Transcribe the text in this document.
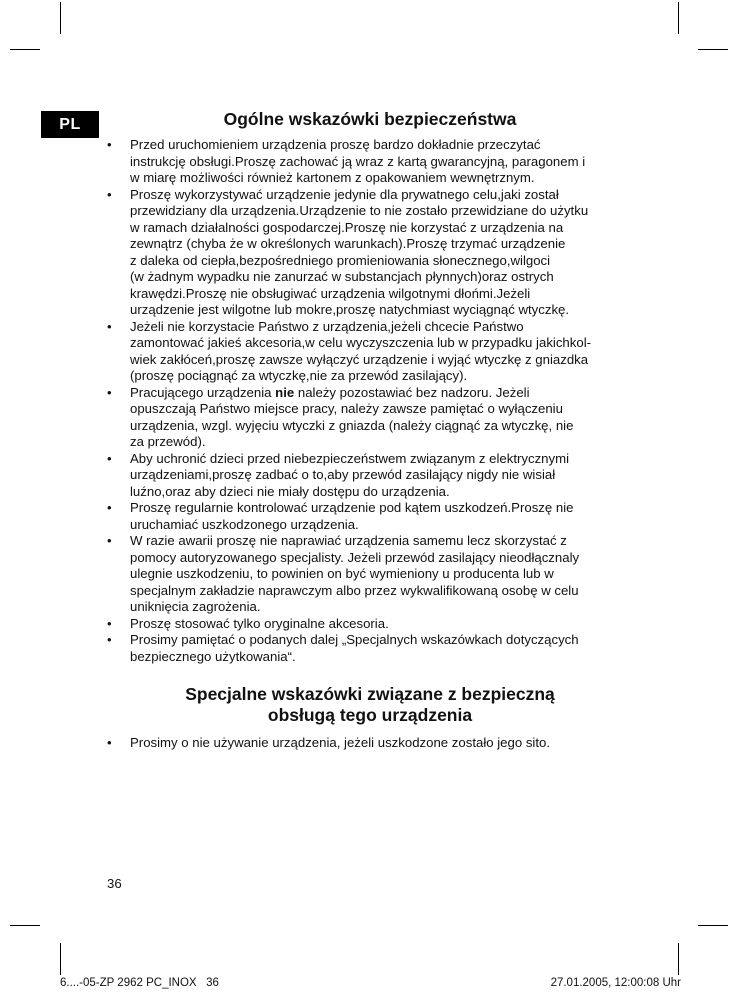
PL	Ogólne wskazówki bezpieczeństwa
•	Przed uruchomieniem urządzenia proszę bardzo dokładnie przeczytać
instrukcję obsługi.Proszę zachować ją wraz z kartą gwarancyjną, paragonem i
w miarę możliwości również kartonem z opakowaniem wewnętrznym.
•	Proszę wykorzystywać urządzenie jedynie dla prywatnego celu,jaki został
przewidziany dla urządzenia.Urządzenie to nie zostało przewidziane do użytku
w ramach działalności gospodarczej.Proszę nie korzystać z urządzenia na
zewnątrz (chyba że w określonych warunkach).Proszę trzymać urządzenie
z daleka od ciepła,bezpośredniego promieniowania słonecznego,wilgoci
(w żadnym wypadku nie zanurzać w substancjach płynnych)oraz ostrych
krawędzi.Proszę nie obsługiwać urządzenia wilgotnymi dłońmi.Jeżeli
urządzenie jest wilgotne lub mokre,proszę natychmiast wyciągnąć wtyczkę.
•	Jeżeli nie korzystacie Państwo z urządzenia,jeżeli chcecie Państwo
zamontować jakieś akcesoria,w celu wyczyszczenia lub w przypadku jakichkol-
wiek zakłóceń,proszę zawsze wyłączyć urządzenie i wyjąć wtyczkę z gniazdka
(proszę pociągnąć za wtyczkę,nie za przewód zasilający).
•	Pracującego urządzenia nie należy pozostawiać bez nadzoru. Jeżeli
opuszczają Państwo miejsce pracy, należy zawsze pamiętać o wyłączeniu
urządzenia, wzgl. wyjęciu wtyczki z gniazda (należy ciągnąć za wtyczkę, nie
za przewód).
•	Aby uchronić dzieci przed niebezpieczeństwem związanym z elektrycznymi
urządzeniami,proszę zadbać o to,aby przewód zasilający nigdy nie wisiał
luźno,oraz aby dzieci nie miały dostępu do urządzenia.
•	Proszę regularnie kontrolować urządzenie pod kątem uszkodzeń.Proszę nie
uruchamiać uszkodzonego urządzenia.
•	W razie awarii proszę nie naprawiać urządzenia samemu lecz skorzystać z
pomocy autoryzowanego specjalisty. Jeżeli przewód zasilający nieodłącznaly
ulegnie uszkodzeniu, to powinien on być wymieniony u producenta lub w
specjalnym zakładzie naprawczym albo przez wykwalifikowaną osobę w celu
uniknięcia zagrożenia.
•	Proszę stosować tylko oryginalne akcesoria.
•	Prosimy pamiętać o podanych dalej „Specjalnych wskazówkach dotyczących
bezpiecznego użytkowania“.
Specjalne wskazówki związane z bezpieczną
obsługą tego urządzenia
•	Prosimy o nie używanie urządzenia, jeżeli uszkodzone zostało jego sito.
36
6....-05-ZP 2962 PC_INOX   36	27.01.2005, 12:00:08 Uhr
